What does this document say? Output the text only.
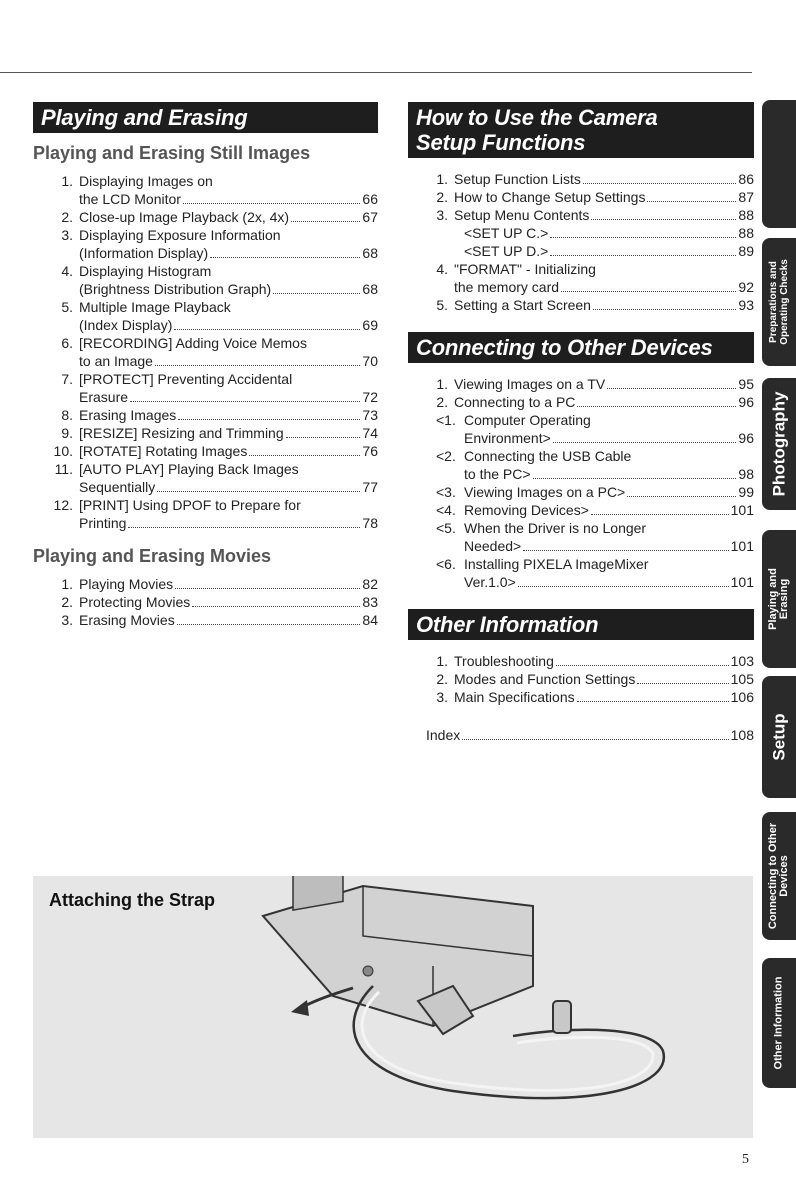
Playing and Erasing
Playing and Erasing Still Images
1. Displaying Images on
the LCD Monitor	66
2. Close-up Image Playback (2x, 4x)	67
3. Displaying Exposure Information
(Information Display)	68
4. Displaying Histogram
(Brightness Distribution Graph)	68
5. Multiple Image Playback
(Index Display)	69
6. [RECORDING] Adding Voice Memos
to an Image	70
7. [PROTECT] Preventing Accidental
Erasure	72
8. Erasing Images	73
9. [RESIZE] Resizing and Trimming	74
10. [ROTATE] Rotating Images	76
11. [AUTO PLAY] Playing Back Images
Sequentially	77
12. [PRINT] Using DPOF to Prepare for
Printing	78
Playing and Erasing Movies
1. Playing Movies	82
2. Protecting Movies	83
3. Erasing Movies	84
How to Use the Camera
Setup Functions
1. Setup Function Lists	86
2. How to Change Setup Settings	87
3. Setup Menu Contents	88
<SET UP C.>	88
<SET UP D.>	89
4. "FORMAT" - Initializing
the memory card	92
5. Setting a Start Screen	93
Connecting to Other Devices
1. Viewing Images on a TV	95
2. Connecting to a PC	96
<1. Computer Operating
Environment>	96
<2. Connecting the USB Cable
to the PC>	98
<3. Viewing Images on a PC>	99
<4. Removing Devices>	101
<5. When the Driver is no Longer
Needed>	101
<6. Installing PIXELA ImageMixer
Ver.1.0>	101
Other Information
1. Troubleshooting	103
2. Modes and Function Settings	105
3. Main Specifications	106
Index	108
Attaching the Strap
Preparations and Operating Checks
Photography
Playing and Erasing
Setup
Connecting to Other Devices
Other Information
5
